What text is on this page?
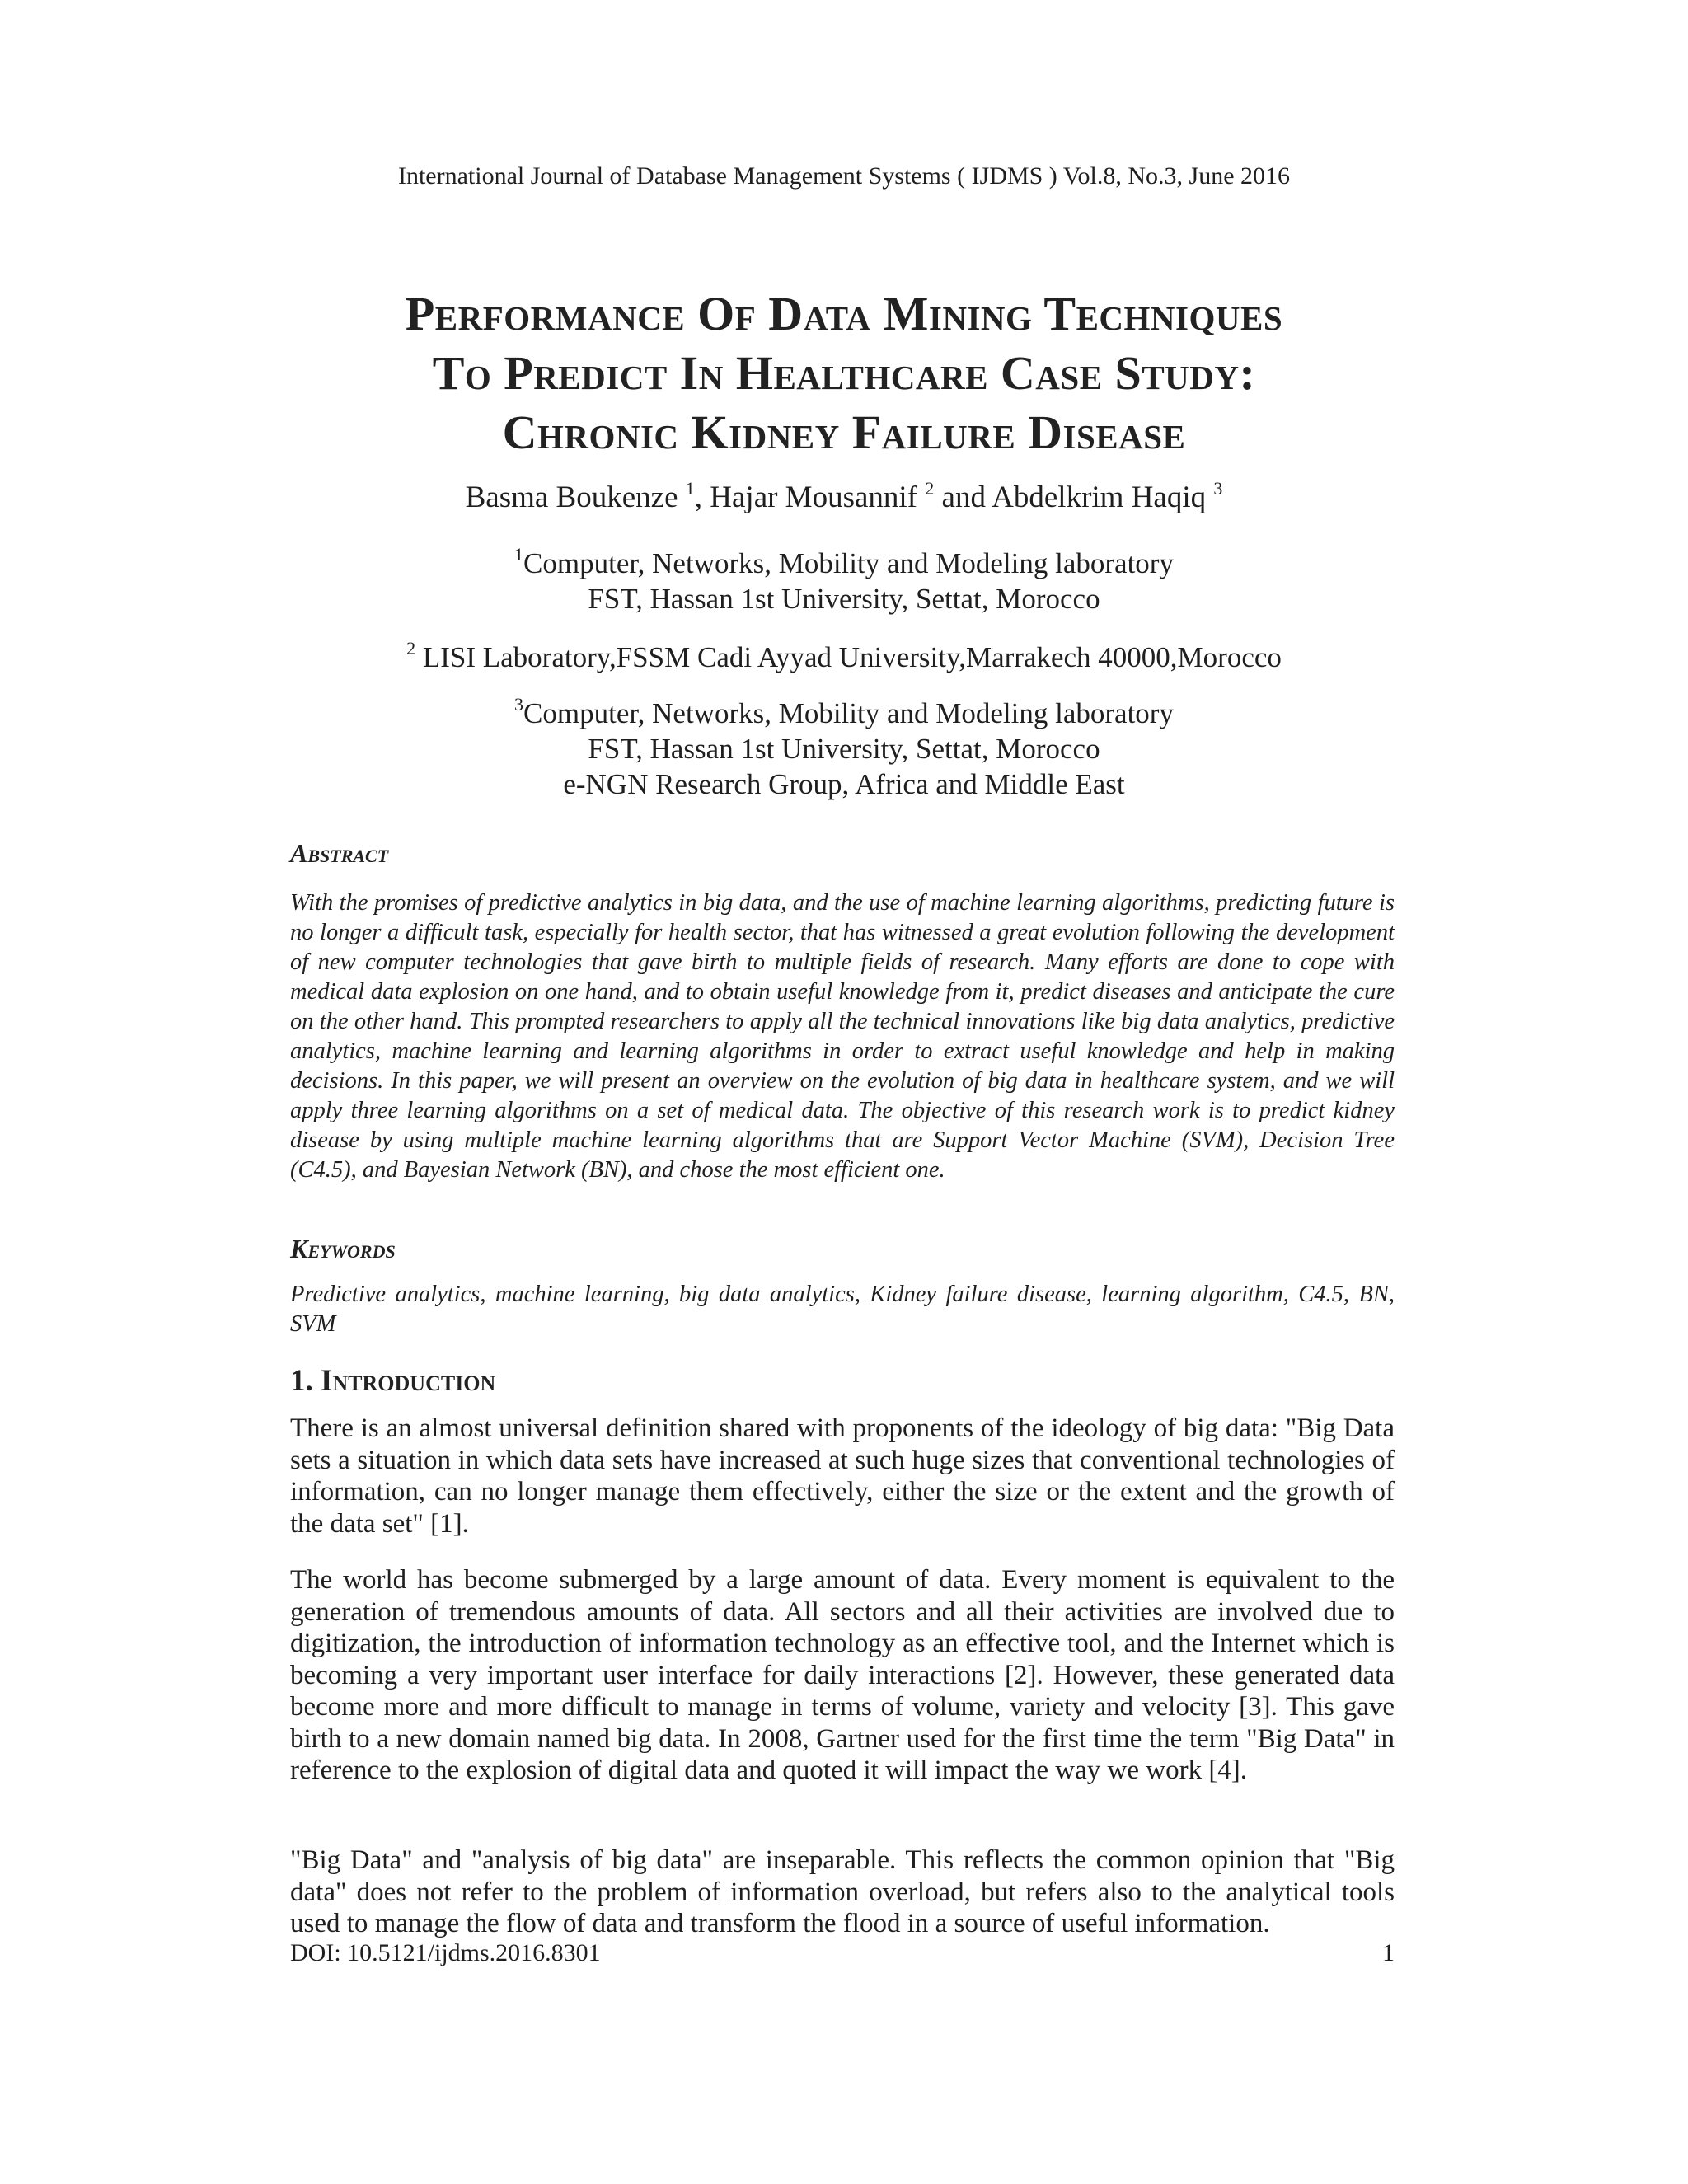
International Journal of Database Management Systems ( IJDMS ) Vol.8, No.3, June 2016
Performance Of Data Mining Techniques
To Predict In Healthcare Case Study:
Chronic Kidney Failure Disease
Basma Boukenze $^1$, Hajar Mousannif $^2$ and Abdelkrim Haqiq $^3$
$^1$Computer, Networks, Mobility and Modeling laboratory
FST, Hassan 1st University, Settat, Morocco
$^2$ LISI Laboratory,FSSM Cadi Ayyad University,Marrakech 40000,Morocco
$^3$Computer, Networks, Mobility and Modeling laboratory
FST, Hassan 1st University, Settat, Morocco
e-NGN Research Group, Africa and Middle East
Abstract
With the promises of predictive analytics in big data, and the use of machine learning algorithms, predicting future is no longer a difficult task, especially for health sector, that has witnessed a great evolution following the development of new computer technologies that gave birth to multiple fields of research. Many efforts are done to cope with medical data explosion on one hand, and to obtain useful knowledge from it, predict diseases and anticipate the cure on the other hand. This prompted researchers to apply all the technical innovations like big data analytics, predictive analytics, machine learning and learning algorithms in order to extract useful knowledge and help in making decisions. In this paper, we will present an overview on the evolution of big data in healthcare system, and we will apply three learning algorithms on a set of medical data. The objective of this research work is to predict kidney disease by using multiple machine learning algorithms that are Support Vector Machine (SVM), Decision Tree (C4.5), and Bayesian Network (BN), and chose the most efficient one.
Keywords
Predictive analytics, machine learning, big data analytics, Kidney failure disease, learning algorithm, C4.5, BN, SVM
1. Introduction

There is an almost universal definition shared with proponents of the ideology of big data: "Big Data sets a situation in which data sets have increased at such huge sizes that conventional technologies of information, can no longer manage them effectively, either the size or the extent and the growth of the data set" [1].

The world has become submerged by a large amount of data. Every moment is equivalent to the generation of tremendous amounts of data. All sectors and all their activities are involved due to digitization, the introduction of information technology as an effective tool, and the Internet which is becoming a very important user interface for daily interactions [2]. However, these generated data become more and more difficult to manage in terms of volume, variety and velocity [3]. This gave birth to a new domain named big data. In 2008, Gartner used for the first time the term "Big Data" in reference to the explosion of digital data and quoted it will impact the way we work [4].

"Big Data" and "analysis of big data" are inseparable. This reflects the common opinion that "Big data" does not refer to the problem of information overload, but refers also to the analytical tools used to manage the flow of data and transform the flood in a source of useful information.

DOI: 10.5121/ijdms.2016.8301	1
